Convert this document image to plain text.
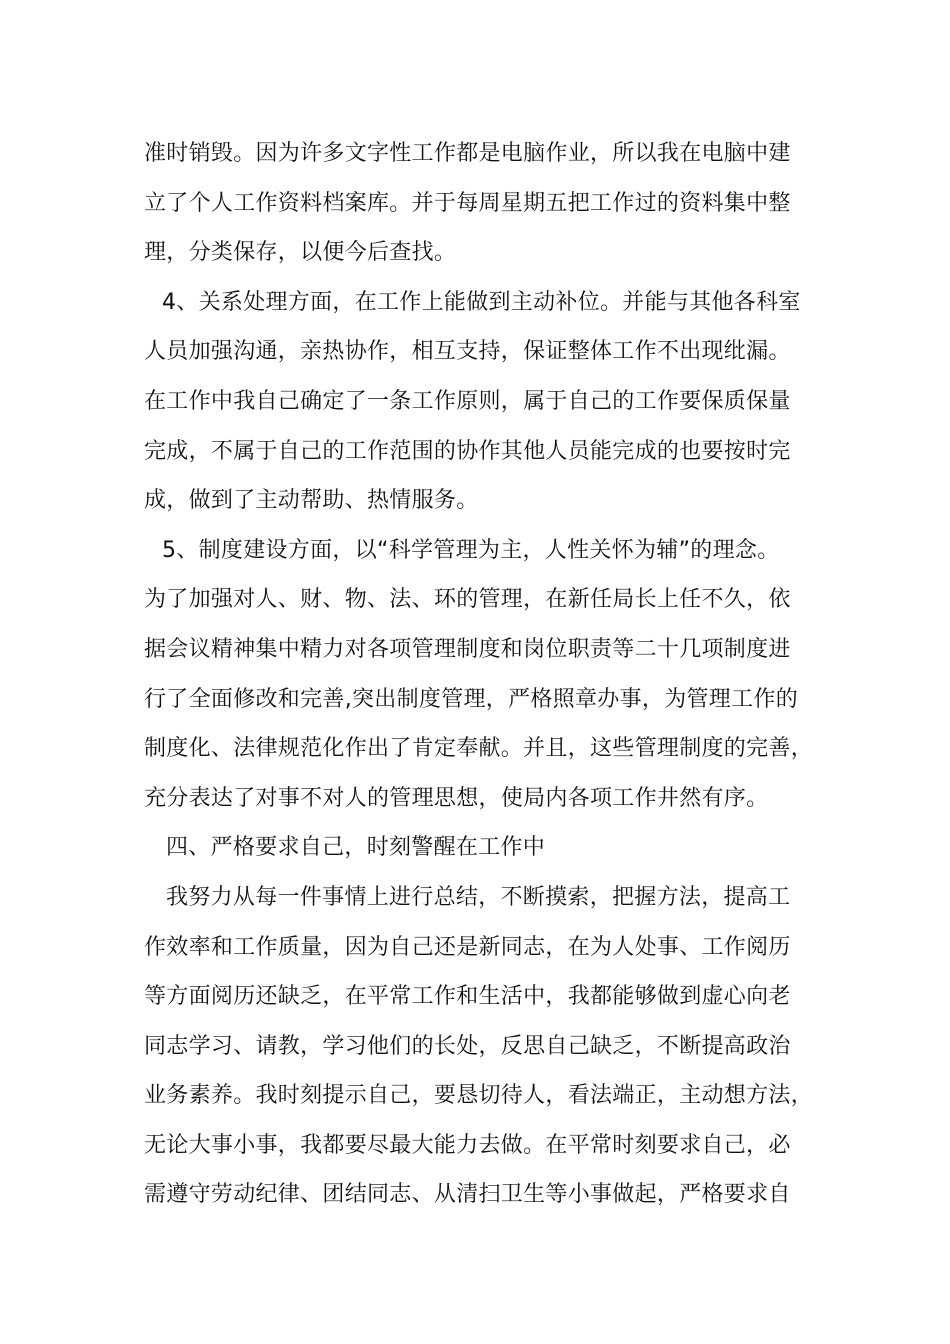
准时销毁。因为许多文字性工作都是电脑作业，所以我在电脑中建
立了个人工作资料档案库。并于每周星期五把工作过的资料集中整
理，分类保存，以便今后查找。
4、关系处理方面，在工作上能做到主动补位。并能与其他各科室
人员加强沟通，亲热协作，相互支持，保证整体工作不出现纰漏。
在工作中我自己确定了一条工作原则，属于自己的工作要保质保量
完成，不属于自己的工作范围的协作其他人员能完成的也要按时完
成，做到了主动帮助、热情服务。
5、制度建设方面，以“科学管理为主，人性关怀为辅”的理念。
为了加强对人、财、物、法、环的管理，在新任局长上任不久，依
据会议精神集中精力对各项管理制度和岗位职责等二十几项制度进
行了全面修改和完善,突出制度管理，严格照章办事，为管理工作的
制度化、法律规范化作出了肯定奉献。并且，这些管理制度的完善，
充分表达了对事不对人的管理思想，使局内各项工作井然有序。
四、严格要求自己，时刻警醒在工作中
我努力从每一件事情上进行总结，不断摸索，把握方法，提高工
作效率和工作质量，因为自己还是新同志，在为人处事、工作阅历
等方面阅历还缺乏，在平常工作和生活中，我都能够做到虚心向老
同志学习、请教，学习他们的长处，反思自己缺乏，不断提高政治
业务素养。我时刻提示自己，要恳切待人，看法端正，主动想方法，
无论大事小事，我都要尽最大能力去做。在平常时刻要求自己，必
需遵守劳动纪律、团结同志、从清扫卫生等小事做起，严格要求自
